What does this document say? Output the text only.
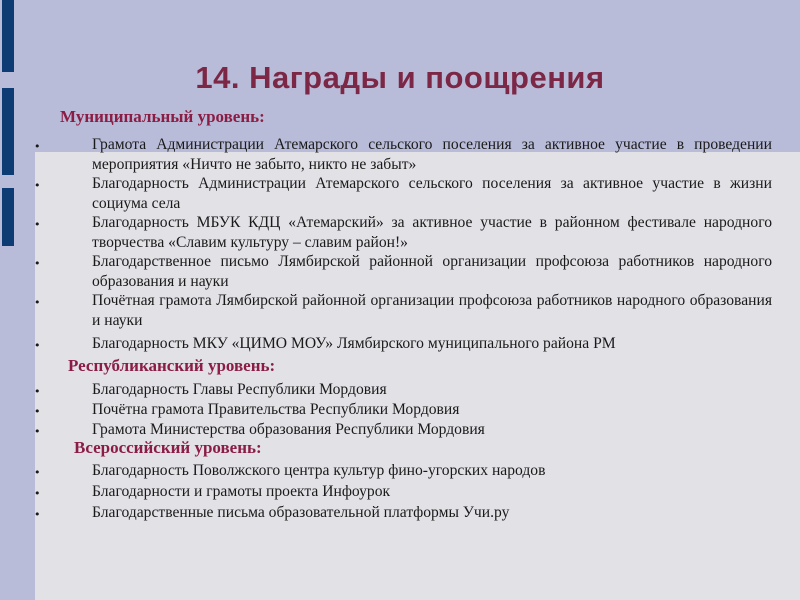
14. Награды и поощрения
Муниципальный уровень:
•	Грамота Администрации Атемарского сельского поселения за активное участие в проведении мероприятия «Ничто не забыто, никто не забыт»
•	Благодарность Администрации Атемарского сельского поселения за активное участие в жизни социума села
•	Благодарность МБУК КДЦ «Атемарский» за активное участие в районном фестивале народного творчества «Славим культуру – славим район!»
•	Благодарственное письмо Лямбирской районной организации профсоюза работников народного образования и науки
•	Почётная грамота Лямбирской районной организации профсоюза работников народного образования и науки
•	Благодарность МКУ «ЦИМО МОУ» Лямбирского муниципального района РМ
Республиканский уровень:
•	Благодарность Главы Республики Мордовия
•	Почётна грамота Правительства Республики Мордовия
•	Грамота Министерства образования Республики Мордовия
Всероссийский уровень:
•	Благодарность Поволжского центра культур фино-угорских народов
•	Благодарности и грамоты проекта Инфоурок
•	Благодарственные письма образовательной платформы Учи.ру
